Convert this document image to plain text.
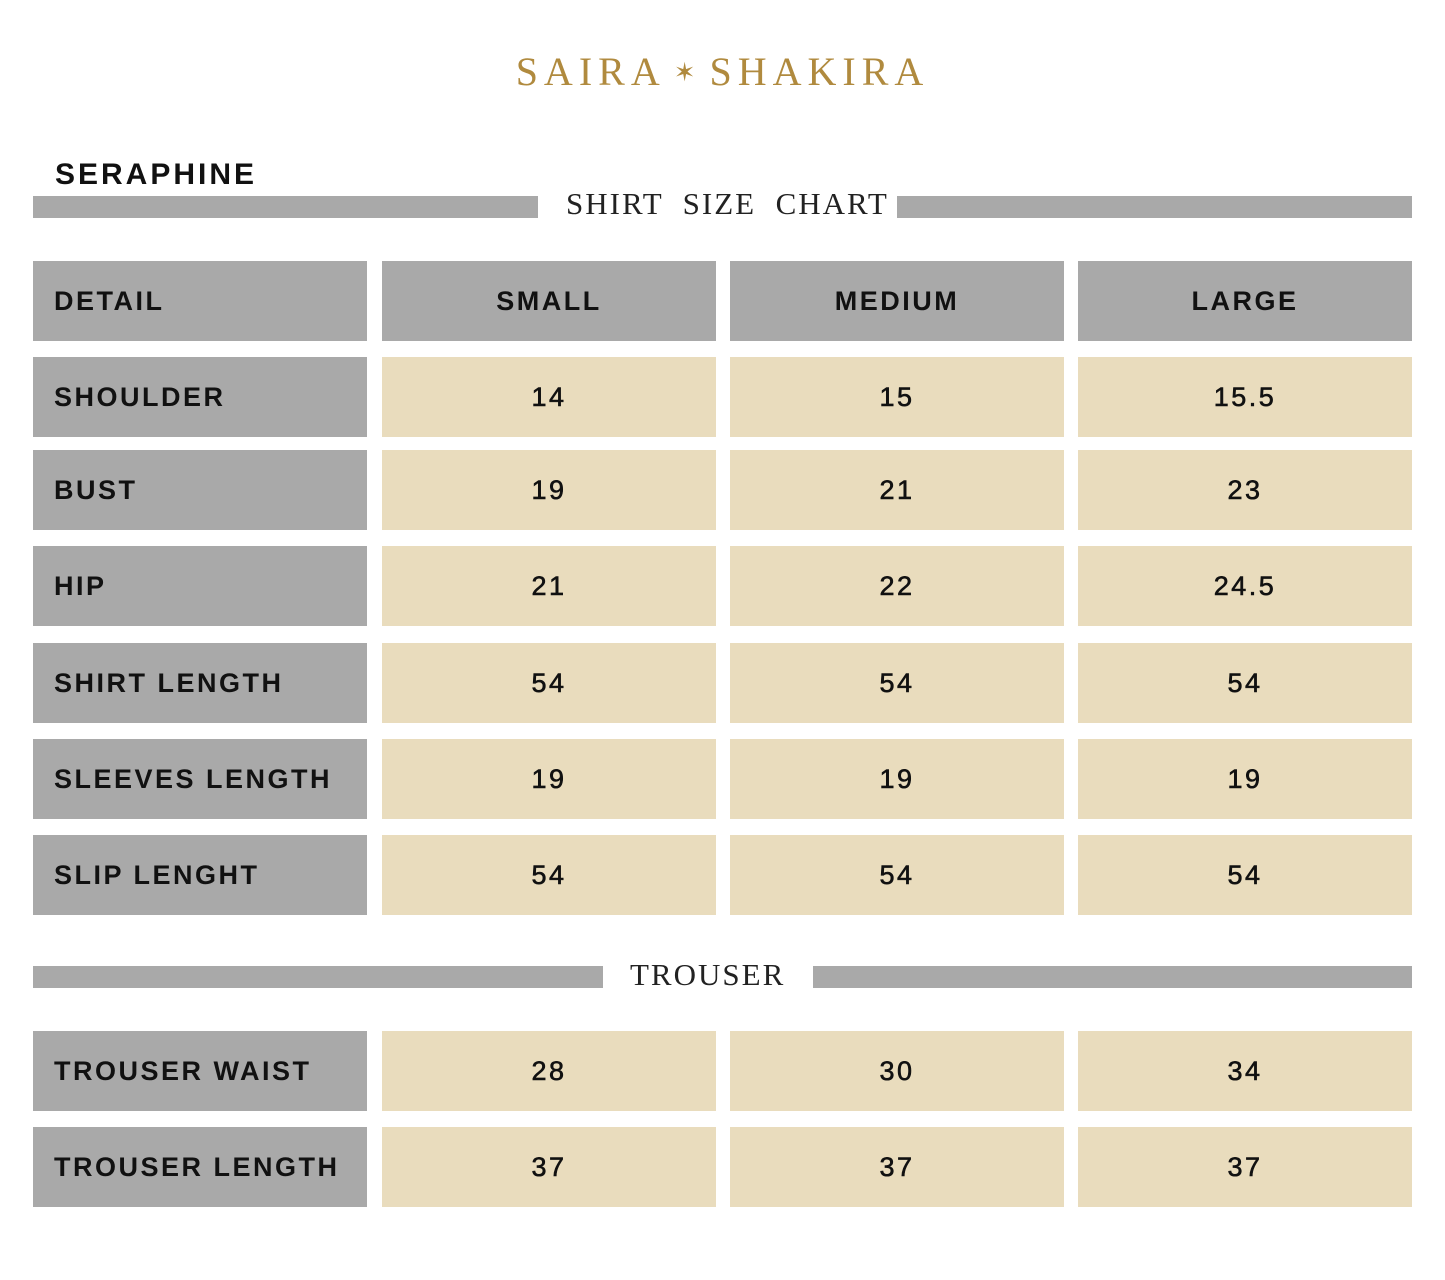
SAIRA ✶ SHAKIRA
SERAPHINE
SHIRT  SIZE  CHART
DETAIL	SMALL	MEDIUM	LARGE
SHOULDER	14	15	15.5
BUST	19	21	23
HIP	21	22	24.5
SHIRT LENGTH	54	54	54
SLEEVES LENGTH	19	19	19
SLIP LENGHT	54	54	54
TROUSER
TROUSER WAIST	28	30	34
TROUSER LENGTH	37	37	37
